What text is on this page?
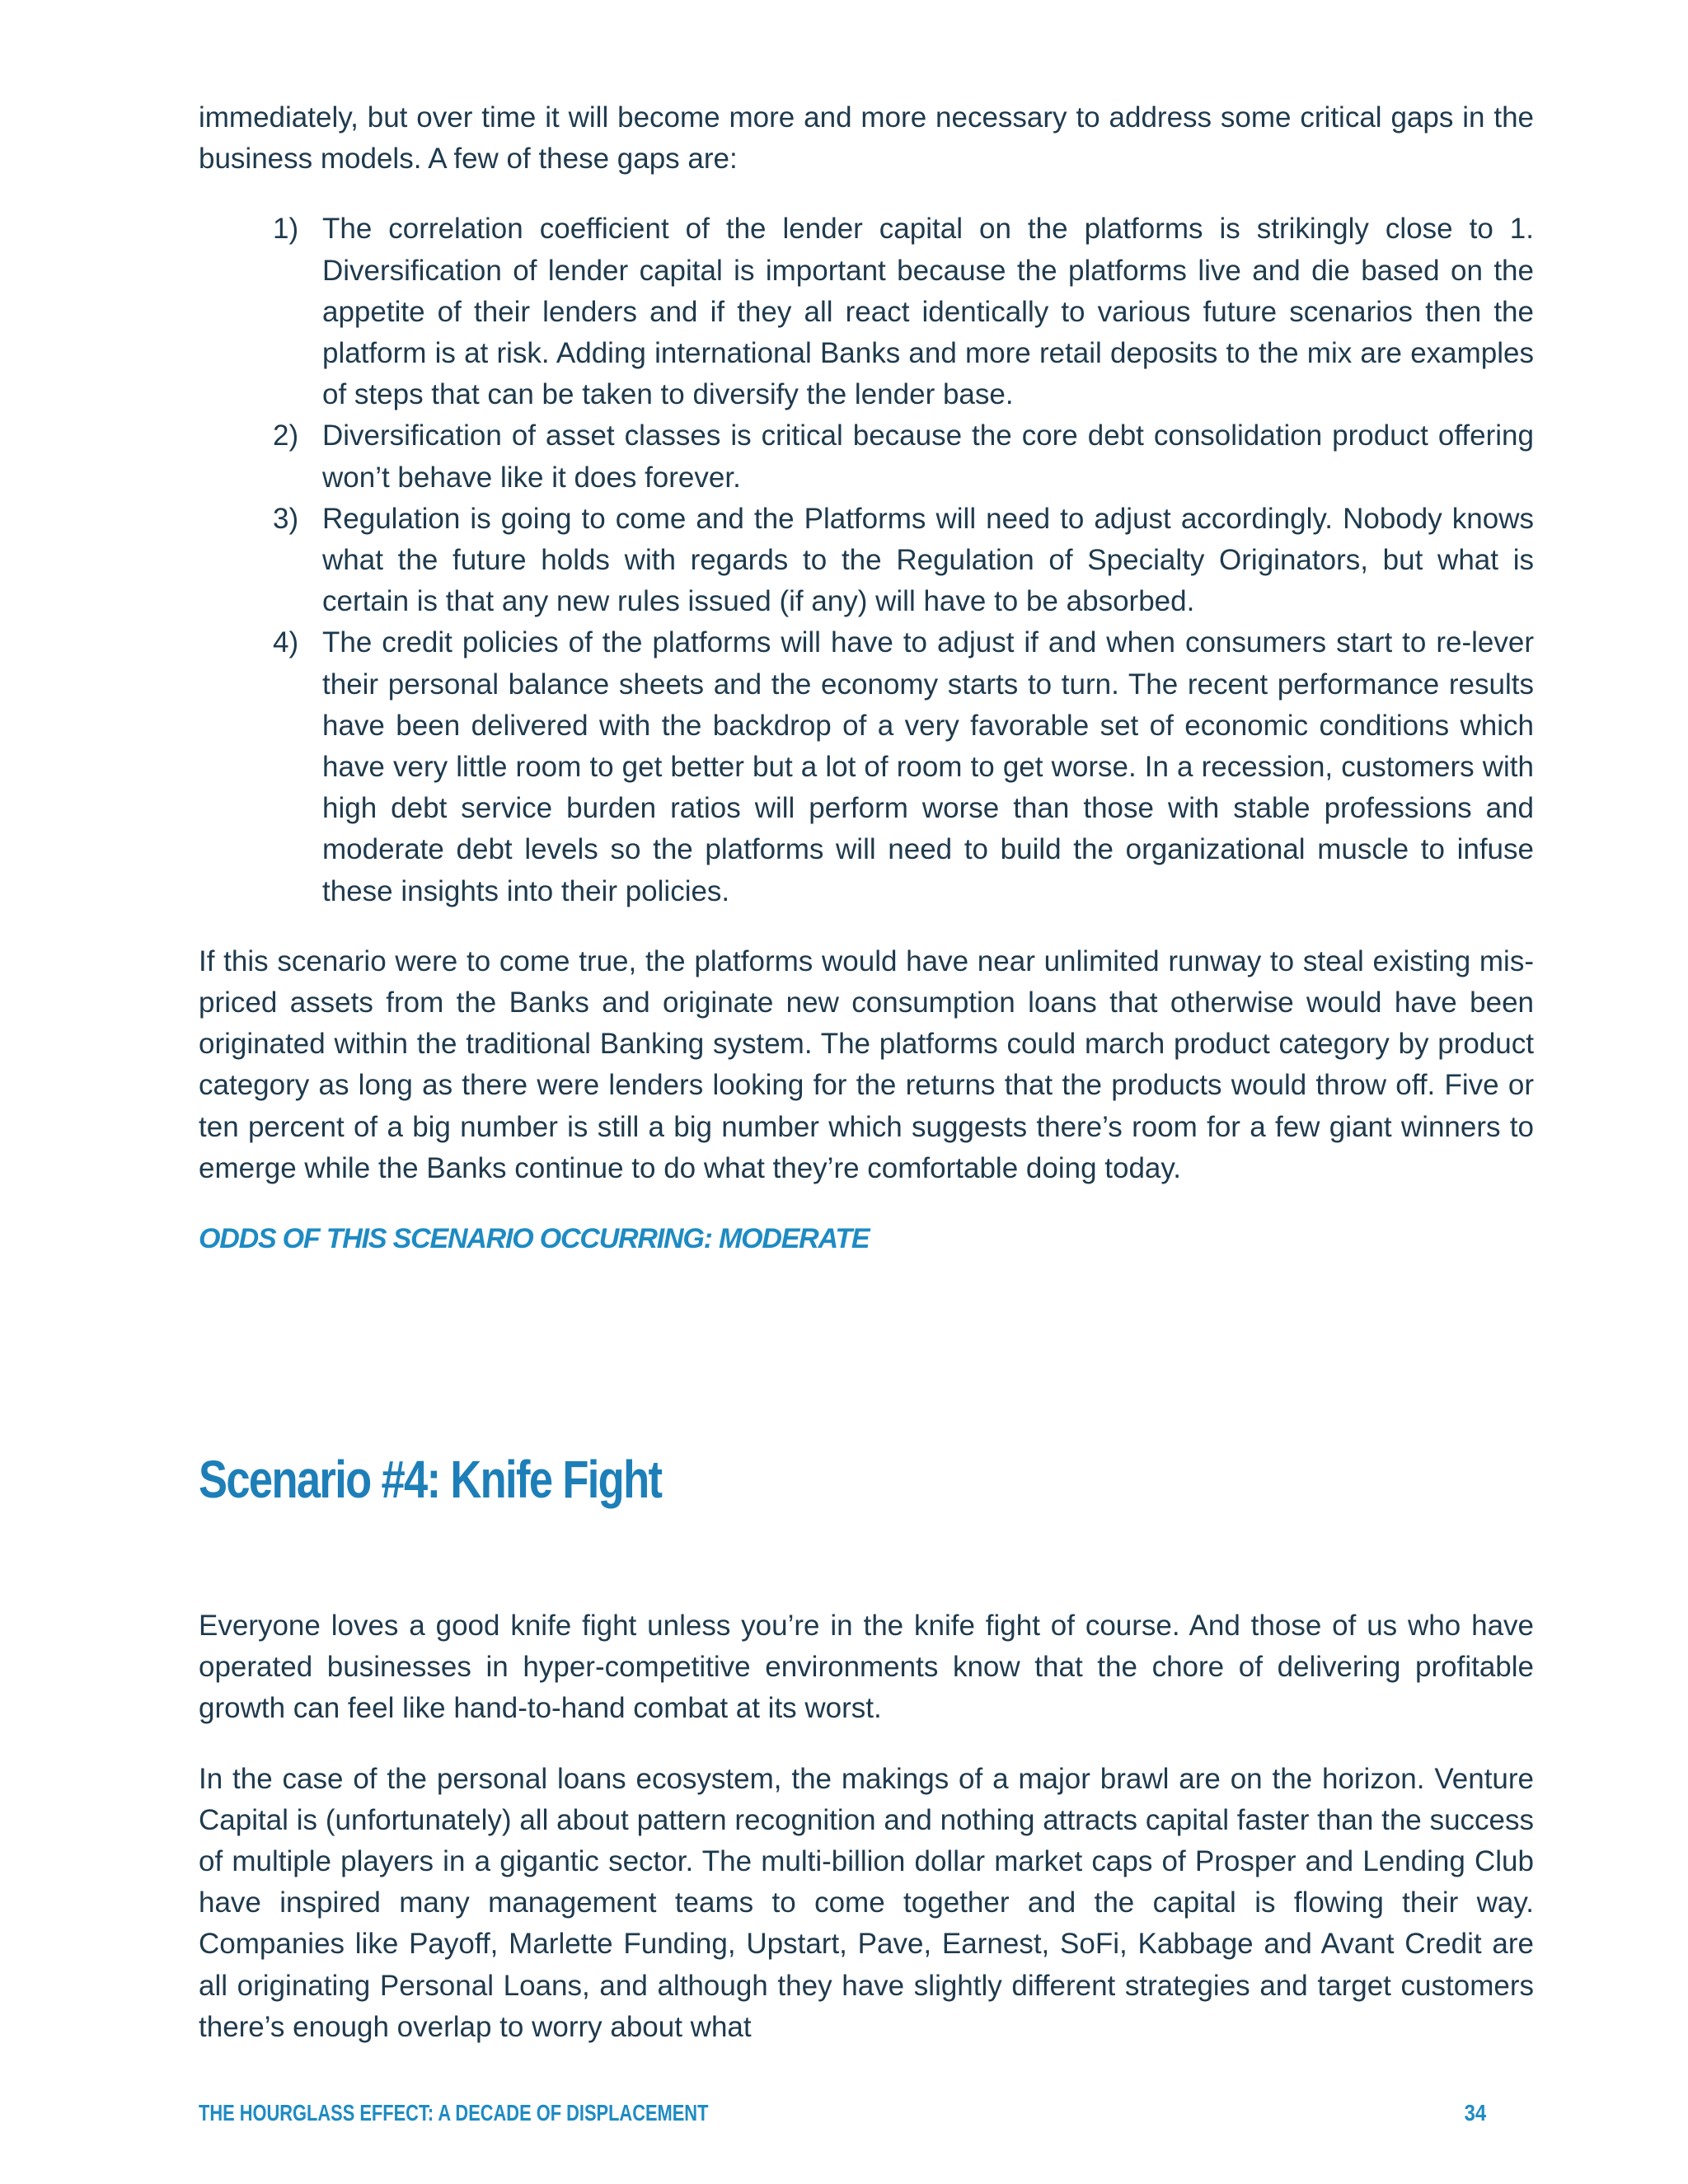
immediately, but over time it will become more and more necessary to address some critical gaps in the business models. A few of these gaps are:

1) The correlation coefficient of the lender capital on the platforms is strikingly close to 1. Diversification of lender capital is important because the platforms live and die based on the appetite of their lenders and if they all react identically to various future scenarios then the platform is at risk. Adding international Banks and more retail deposits to the mix are examples of steps that can be taken to diversify the lender base.
2) Diversification of asset classes is critical because the core debt consolidation product offering won’t behave like it does forever.
3) Regulation is going to come and the Platforms will need to adjust accordingly. Nobody knows what the future holds with regards to the Regulation of Specialty Originators, but what is certain is that any new rules issued (if any) will have to be absorbed.
4) The credit policies of the platforms will have to adjust if and when consumers start to re-lever their personal balance sheets and the economy starts to turn. The recent performance results have been delivered with the backdrop of a very favorable set of economic conditions which have very little room to get better but a lot of room to get worse. In a recession, customers with high debt service burden ratios will perform worse than those with stable professions and moderate debt levels so the platforms will need to build the organizational muscle to infuse these insights into their policies.

If this scenario were to come true, the platforms would have near unlimited runway to steal existing mis-priced assets from the Banks and originate new consumption loans that otherwise would have been originated within the traditional Banking system. The platforms could march product category by product category as long as there were lenders looking for the returns that the products would throw off. Five or ten percent of a big number is still a big number which suggests there’s room for a few giant winners to emerge while the Banks continue to do what they’re comfortable doing today.

ODDS OF THIS SCENARIO OCCURRING: MODERATE

Scenario #4: Knife Fight

Everyone loves a good knife fight unless you’re in the knife fight of course. And those of us who have operated businesses in hyper-competitive environments know that the chore of delivering profitable growth can feel like hand-to-hand combat at its worst.

In the case of the personal loans ecosystem, the makings of a major brawl are on the horizon. Venture Capital is (unfortunately) all about pattern recognition and nothing attracts capital faster than the success of multiple players in a gigantic sector. The multi-billion dollar market caps of Prosper and Lending Club have inspired many management teams to come together and the capital is flowing their way. Companies like Payoff, Marlette Funding, Upstart, Pave, Earnest, SoFi, Kabbage and Avant Credit are all originating Personal Loans, and although they have slightly different strategies and target customers there’s enough overlap to worry about what

THE HOURGLASS EFFECT: A DECADE OF DISPLACEMENT	34
